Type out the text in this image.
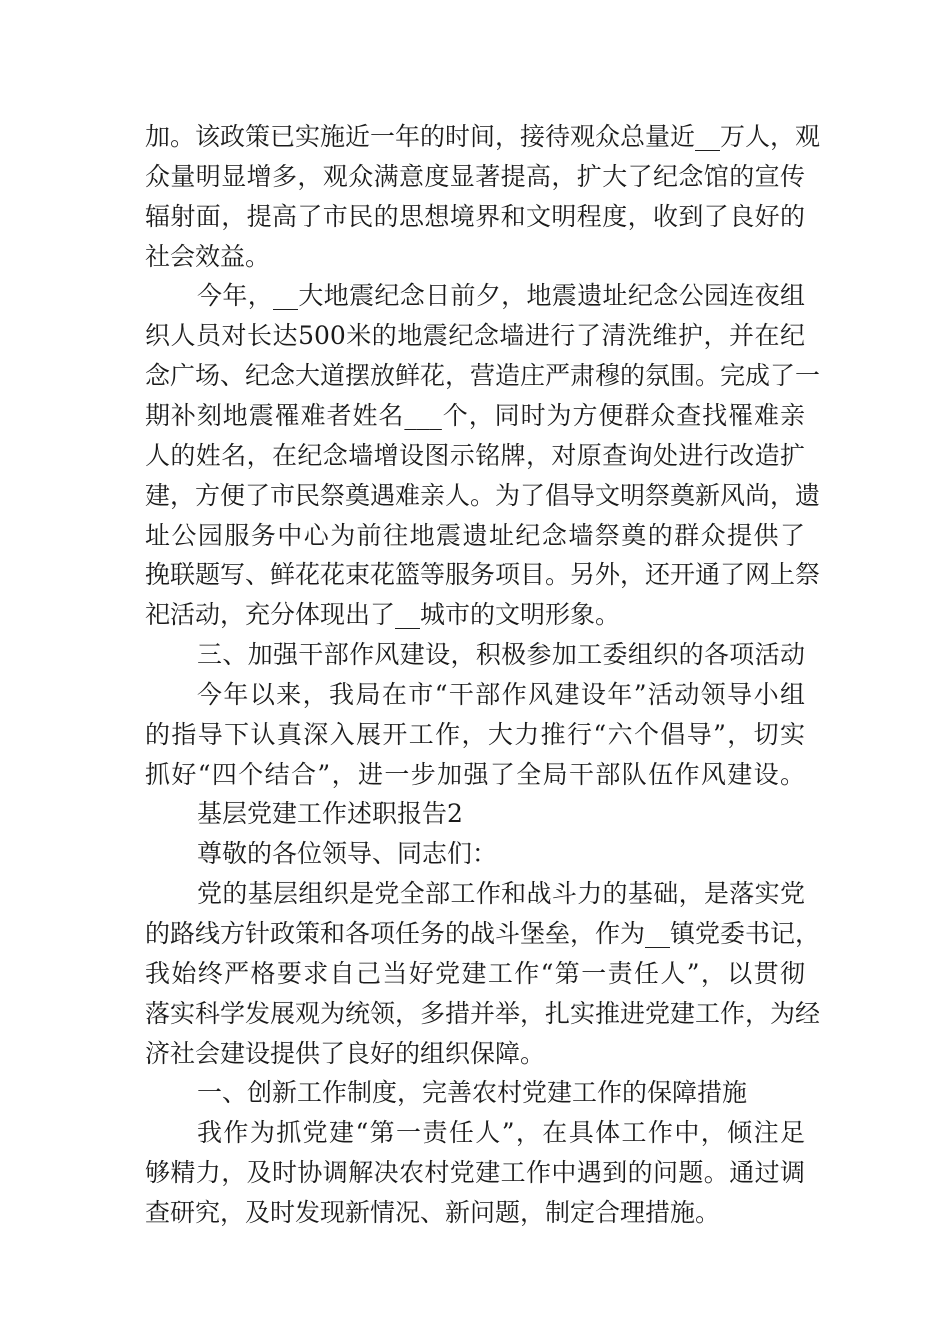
加。该政策已实施近一年的时间，接待观众总量近__万人，观
众量明显增多，观众满意度显著提高，扩大了纪念馆的宣传
辐射面，提高了市民的思想境界和文明程度，收到了良好的
社会效益。
今年，__大地震纪念日前夕，地震遗址纪念公园连夜组
织人员对长达500米的地震纪念墙进行了清洗维护，并在纪
念广场、纪念大道摆放鲜花，营造庄严肃穆的氛围。完成了一
期补刻地震罹难者姓名___个，同时为方便群众查找罹难亲
人的姓名，在纪念墙增设图示铭牌，对原查询处进行改造扩
建，方便了市民祭奠遇难亲人。为了倡导文明祭奠新风尚，遗
址公园服务中心为前往地震遗址纪念墙祭奠的群众提供了
挽联题写、鲜花花束花篮等服务项目。另外，还开通了网上祭
祀活动，充分体现出了__城市的文明形象。
三、加强干部作风建设，积极参加工委组织的各项活动
今年以来，我局在市“干部作风建设年”活动领导小组
的指导下认真深入展开工作，大力推行“六个倡导”，切实
抓好“四个结合”，进一步加强了全局干部队伍作风建设。
基层党建工作述职报告2
尊敬的各位领导、同志们：
党的基层组织是党全部工作和战斗力的基础，是落实党
的路线方针政策和各项任务的战斗堡垒，作为__镇党委书记，
我始终严格要求自己当好党建工作“第一责任人”，以贯彻
落实科学发展观为统领，多措并举，扎实推进党建工作，为经
济社会建设提供了良好的组织保障。
一、创新工作制度，完善农村党建工作的保障措施
我作为抓党建“第一责任人”，在具体工作中，倾注足
够精力，及时协调解决农村党建工作中遇到的问题。通过调
查研究，及时发现新情况、新问题，制定合理措施。
